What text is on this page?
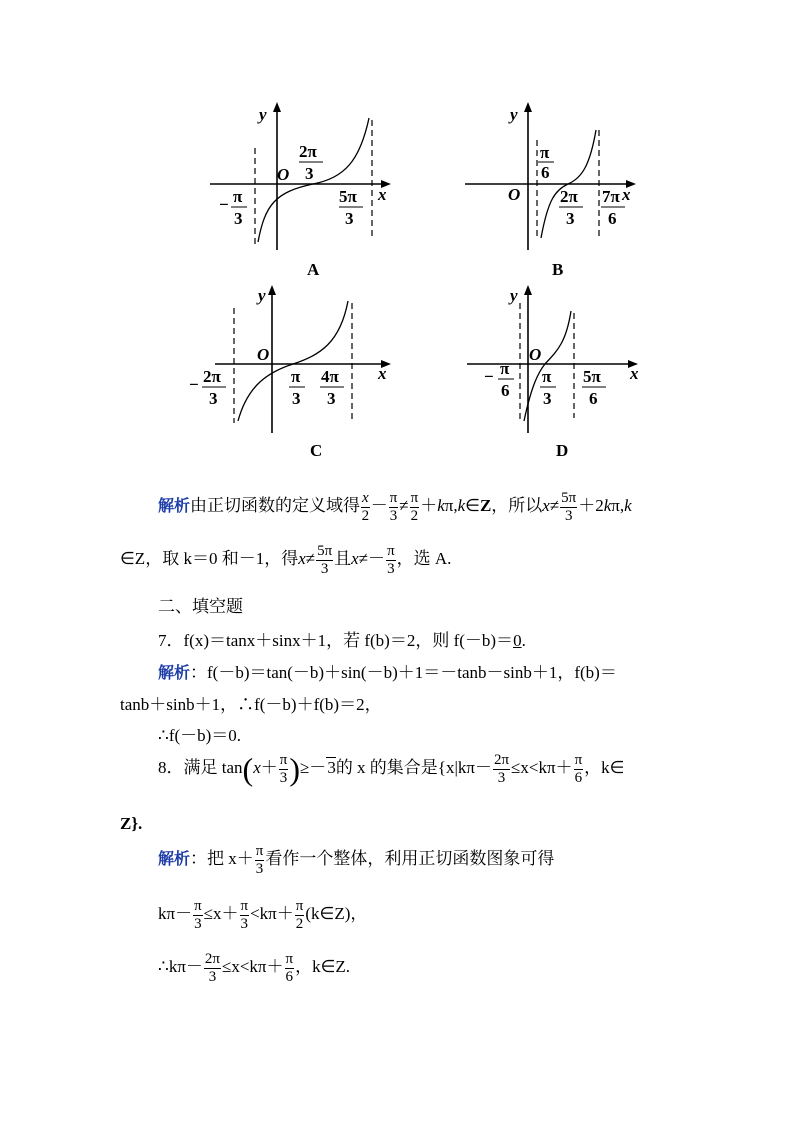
y
x
O
2π
3
5π
3
− π
3
A
y
x
O
π
6
2π
3
7π
6
B
y
x
O
π
3
4π
3
− 2π
3
C
y
x
O
π
3
5π
6
− π
6
D
解析由正切函数的定义域得 $\frac{x}{2} - \frac{\pi}{3} \ne \frac{\pi}{2}$ ＋kπ,k∈Z，所以$x\ne \frac{5\pi}{3} +2k\pi,k$
∈Z，取 k＝0 和－1，得$x\ne \frac{5\pi}{3}$ 且$x\ne- \frac{\pi}{3}$ ，选 A.
二、填空题
7．f(x)＝tanx＋sinx＋1，若 f(b)＝2，则 f(－b)＝0.
解析：f(－b)＝tan(－b)＋sin(－b)＋1＝－tanb－sinb＋1，f(b)＝
tanb＋sinb＋1，∴f(－b)＋f(b)＝2，
∴f(－b)＝0.
8．满足 $\tan(x+ \frac{\pi}{3} )\ge-3$的 x 的集合是{$x|k\pi- \frac{2\pi}{3} \le x<k\pi+ \frac{\pi}{6}$ ，k∈
Z}.
解析：把 $x+ \frac{\pi}{3}$ 看作一个整体，利用正切函数图象可得
$k\pi- \frac{\pi}{3} \le x+ \frac{\pi}{3} <k\pi+ \frac{\pi}{2}$ (k∈Z)，
∴kπ－ $\frac{2\pi}{3} \le x<k\pi+ \frac{\pi}{6}$ ，k∈Z.
